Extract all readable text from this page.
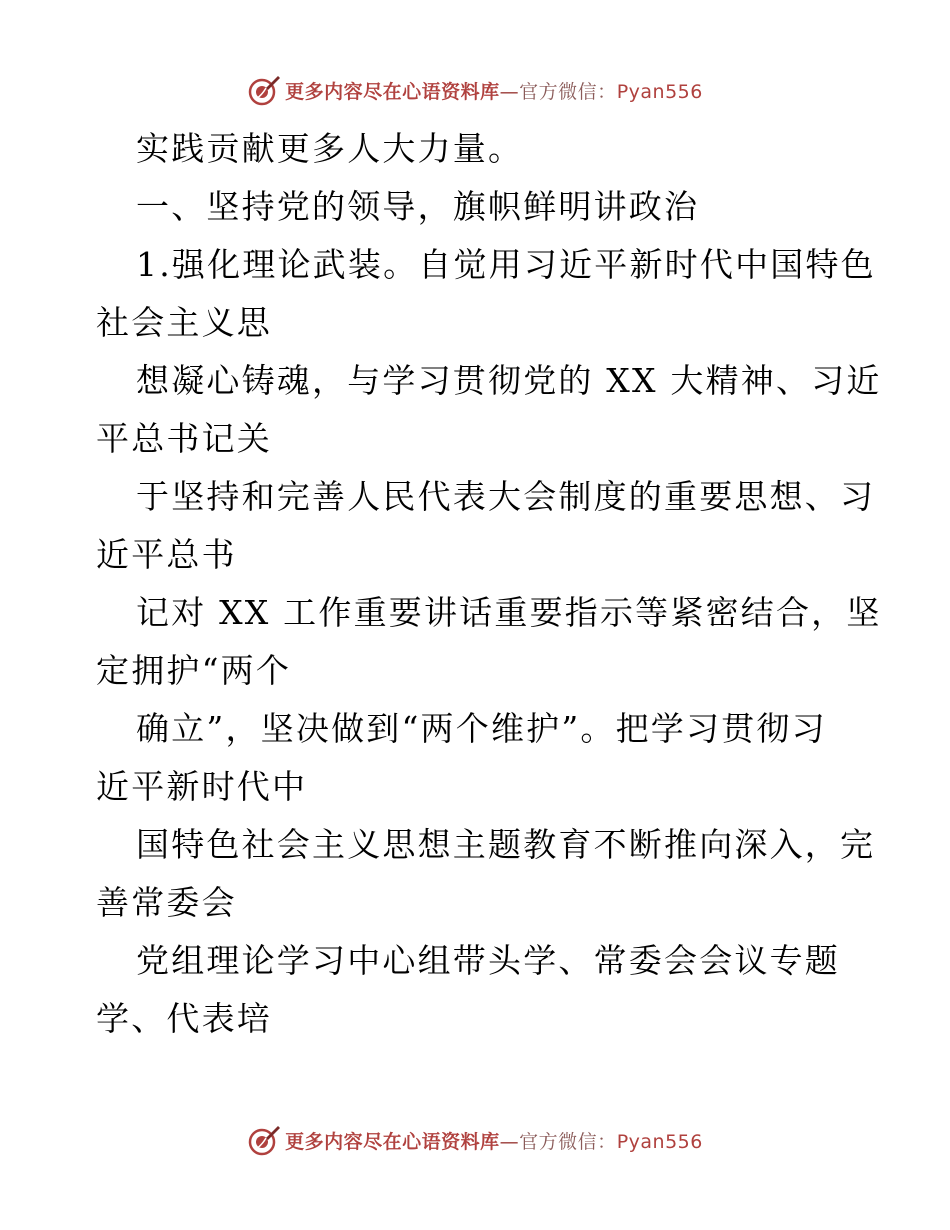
更多内容尽在心语资料库—官方微信：Pyan556
实践贡献更多人大力量。
一、坚持党的领导，旗帜鲜明讲政治
1.强化理论武装。自觉用习近平新时代中国特色
社会主义思
想凝心铸魂，与学习贯彻党的 XX 大精神、习近
平总书记关
于坚持和完善人民代表大会制度的重要思想、习
近平总书
记对 XX 工作重要讲话重要指示等紧密结合，坚
定拥护“两个
确立”，坚决做到“两个维护”。把学习贯彻习
近平新时代中
国特色社会主义思想主题教育不断推向深入，完
善常委会
党组理论学习中心组带头学、常委会会议专题
学、代表培
更多内容尽在心语资料库—官方微信：Pyan556
